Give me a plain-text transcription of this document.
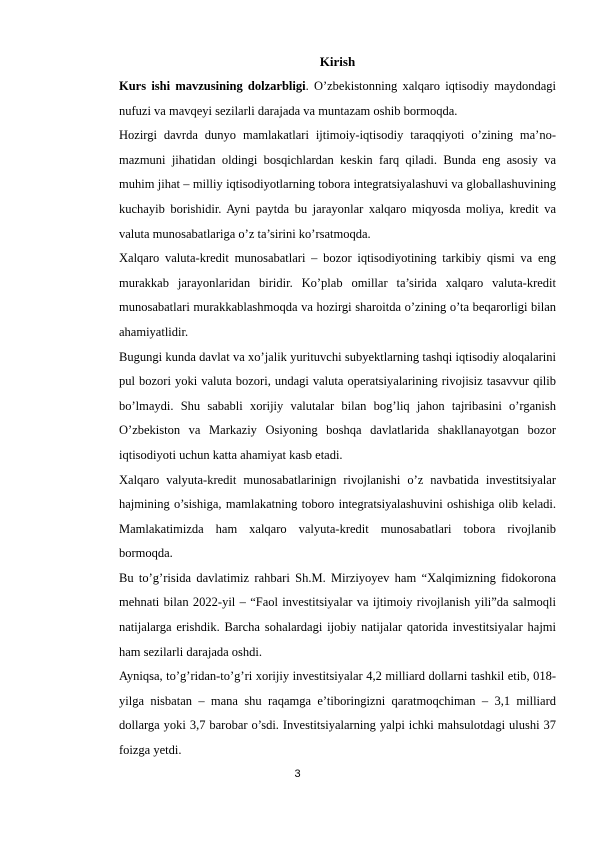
Kirish

Kurs ishi mavzusining dolzarbligi. O’zbekistonning xalqaro iqtisodiy maydondagi nufuzi va mavqeyi sezilarli darajada va muntazam oshib bormoqda.

Hozirgi davrda dunyo mamlakatlari ijtimoiy-iqtisodiy taraqqiyoti o’zining ma’no-mazmuni jihatidan oldingi bosqichlardan keskin farq qiladi. Bunda eng asosiy va muhim jihat – milliy iqtisodiyotlarning tobora integratsiyalashuvi va globallashuvining kuchayib borishidir. Ayni paytda bu jarayonlar xalqaro miqyosda moliya, kredit va valuta munosabatlariga o’z ta’sirini ko’rsatmoqda.

Xalqaro valuta-kredit munosabatlari – bozor iqtisodiyotining tarkibiy qismi va eng murakkab jarayonlaridan biridir. Ko’plab omillar ta’sirida xalqaro valuta-kredit munosabatlari murakkablashmoqda va hozirgi sharoitda o’zining o’ta beqarorligi bilan ahamiyatlidir.

Bugungi kunda davlat va xo’jalik yurituvchi subyektlarning tashqi iqtisodiy aloqalarini pul bozori yoki valuta bozori, undagi valuta operatsiyalarining rivojisiz tasavvur qilib bo’lmaydi. Shu sababli xorijiy valutalar bilan bog’liq jahon tajribasini o’rganish O’zbekiston va Markaziy Osiyoning boshqa davlatlarida shakllanayotgan bozor iqtisodiyoti uchun katta ahamiyat kasb etadi.

Xalqaro valyuta-kredit munosabatlarinign rivojlanishi o’z navbatida investitsiyalar hajmining o’sishiga, mamlakatning toboro integratsiyalashuvini oshishiga olib keladi. Mamlakatimizda ham xalqaro valyuta-kredit munosabatlari tobora rivojlanib bormoqda.

Bu to’g’risida davlatimiz rahbari Sh.M. Mirziyoyev ham “Xalqimizning fidokorona mehnati bilan 2022-yil – “Faol investitsiyalar va ijtimoiy rivojlanish yili”da salmoqli natijalarga erishdik. Barcha sohalardagi ijobiy natijalar qatorida investitsiyalar hajmi ham sezilarli darajada oshdi.

Ayniqsa, to’g’ridan-to’g’ri xorijiy investitsiyalar 4,2 milliard dollarni tashkil etib, 018-yilga nisbatan – mana shu raqamga e’tiboringizni qaratmoqchiman – 3,1 milliard dollarga yoki 3,7 barobar o’sdi. Investitsiyalarning yalpi ichki mahsulotdagi ulushi 37 foizga yetdi.

3
